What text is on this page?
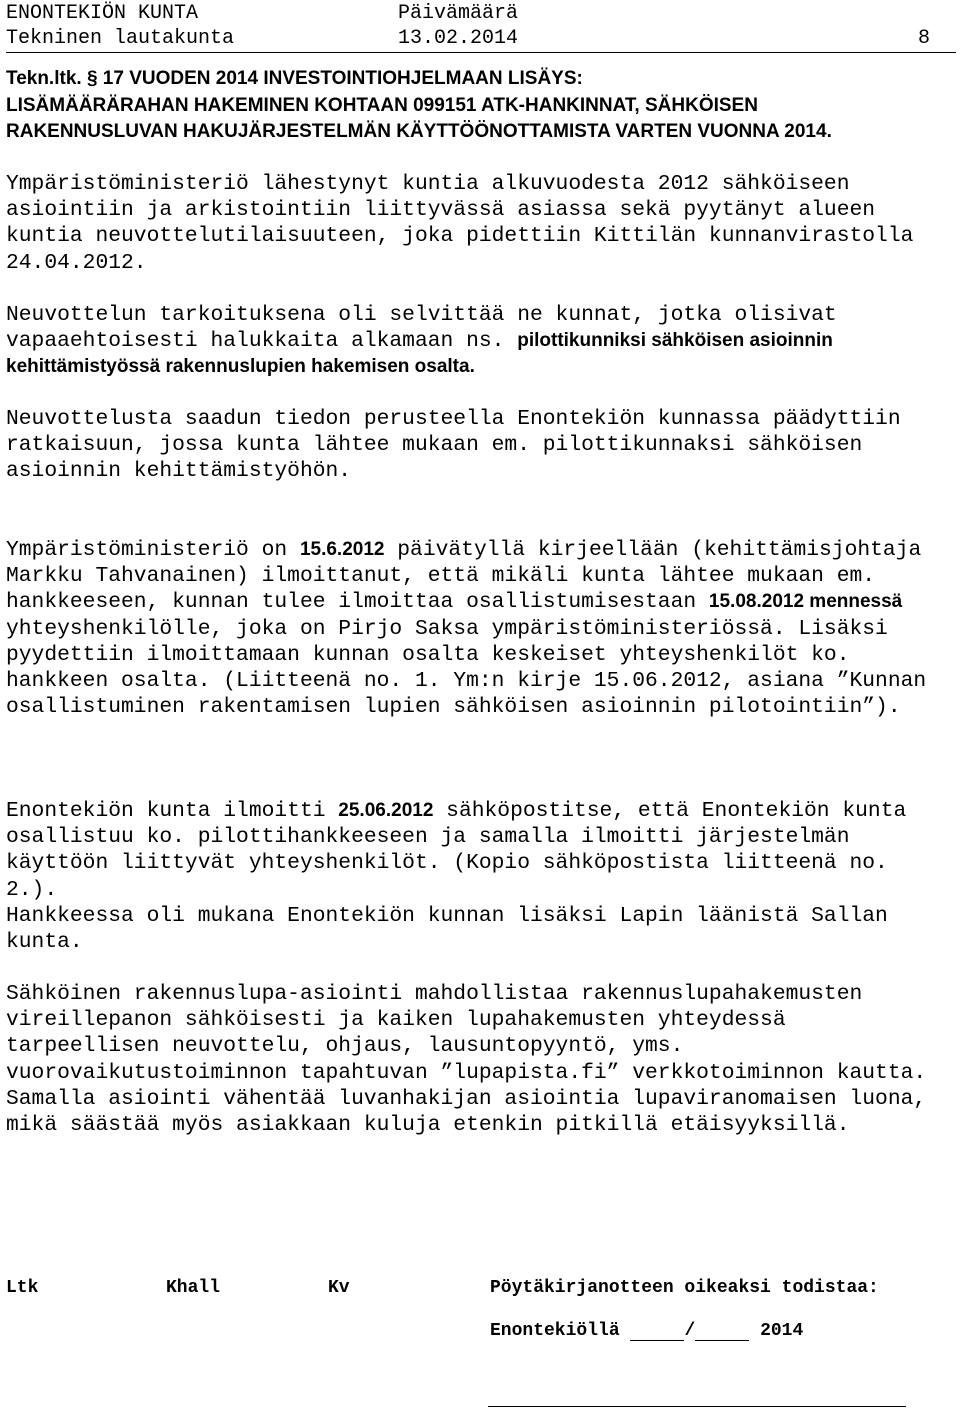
ENONTEKIÖN KUNTA	Päivämäärä
Tekninen lautakunta	13.02.2014	8
Tekn.ltk. § 17 VUODEN 2014 INVESTOINTIOHJELMAAN LISÄYS:
LISÄMÄÄRÄRAHAN HAKEMINEN KOHTAAN 099151 ATK-HANKINNAT, SÄHKÖISEN
RAKENNUSLUVAN HAKUJÄRJESTELMÄN KÄYTTÖÖNOTTAMISTA VARTEN VUONNA 2014.
Ympäristöministeriö lähestynyt kuntia alkuvuodesta 2012 sähköiseen asiointiin ja arkistointiin liittyvässä asiassa sekä pyytänyt alueen kuntia neuvottelutilaisuuteen, joka pidettiin Kittilän kunnanvirastolla 24.04.2012.
Neuvottelun tarkoituksena oli selvittää ne kunnat, jotka olisivat vapaaehtoisesti halukkaita alkamaan ns. pilottikunniksi sähköisen asioinnin kehittämistyössä rakennuslupien hakemisen osalta.
Neuvottelusta saadun tiedon perusteella Enontekiön kunnassa päädyttiin ratkaisuun, jossa kunta lähtee mukaan em. pilottikunnaksi sähköisen asioinnin kehittämistyöhön.
Ympäristöministeriö on 15.6.2012 päivätyllä kirjeellään (kehittämisjohtaja Markku Tahvanainen) ilmoittanut, että mikäli kunta lähtee mukaan em. hankkeeseen, kunnan tulee ilmoittaa osallistumisestaan 15.08.2012 mennessä yhteyshenkilölle, joka on Pirjo Saksa ympäristöministeriössä. Lisäksi pyydettiin ilmoittamaan kunnan osalta keskeiset yhteyshenkilöt ko. hankkeen osalta. (Liitteenä no. 1. Ym:n kirje 15.06.2012, asiana ”Kunnan osallistuminen rakentamisen lupien sähköisen asioinnin pilotointiin”).
Enontekiön kunta ilmoitti 25.06.2012 sähköpostitse, että Enontekiön kunta osallistuu ko. pilottihankkeeseen ja samalla ilmoitti järjestelmän käyttöön liittyvät yhteyshenkilöt. (Kopio sähköpostista liitteenä no. 2.).
Hankkeessa oli mukana Enontekiön kunnan lisäksi Lapin läänistä Sallan kunta.
Sähköinen rakennuslupa-asiointi mahdollistaa rakennuslupahakemusten vireillepanon sähköisesti ja kaiken lupahakemusten yhteydessä tarpeellisen neuvottelu, ohjaus, lausuntopyyntö, yms. vuorovaikutustoiminnon tapahtuvan ”lupapista.fi” verkkotoiminnon kautta.
Samalla asiointi vähentää luvanhakijan asiointia lupaviranomaisen luona, mikä säästää myös asiakkaan kuluja etenkin pitkillä etäisyyksillä.
Ltk	Khall	Kv	Pöytäkirjanotteen oikeaksi todistaa:
Enontekiöllä	/	2014
